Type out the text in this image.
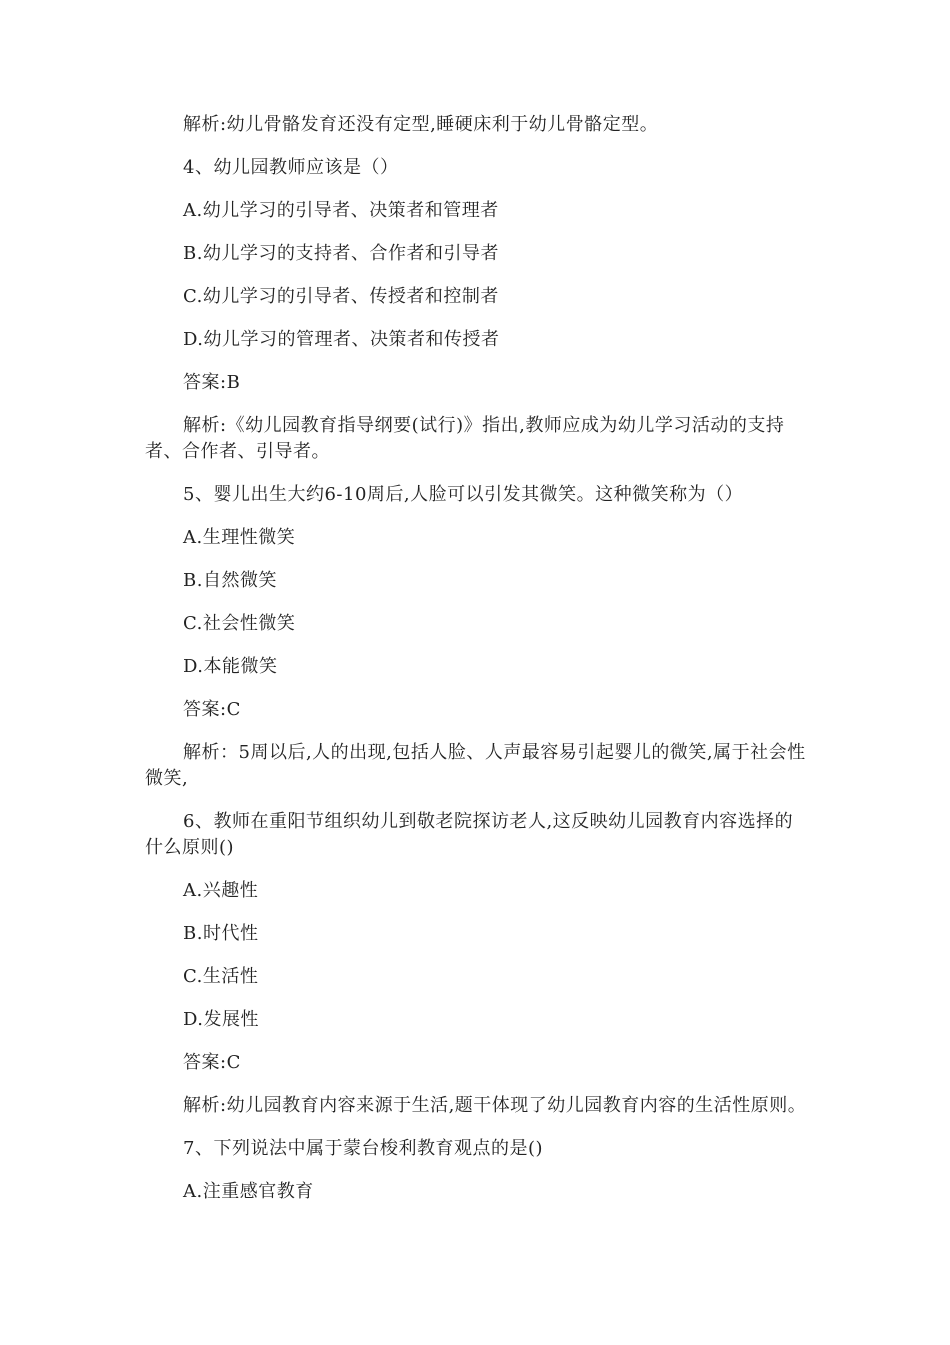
解析:幼儿骨骼发育还没有定型,睡硬床利于幼儿骨骼定型。

4、幼儿园教师应该是（）

A.幼儿学习的引导者、决策者和管理者

B.幼儿学习的支持者、合作者和引导者

C.幼儿学习的引导者、传授者和控制者

D.幼儿学习的管理者、决策者和传授者

答案:B

解析:《幼儿园教育指导纲要(试行)》指出,教师应成为幼儿学习活动的支持者、合作者、引导者。

5、婴儿出生大约6-10周后,人脸可以引发其微笑。这种微笑称为（）

A.生理性微笑

B.自然微笑

C.社会性微笑

D.本能微笑

答案:C

解析：5周以后,人的出现,包括人脸、人声最容易引起婴儿的微笑,属于社会性微笑,

6、教师在重阳节组织幼儿到敬老院探访老人,这反映幼儿园教育内容选择的什么原则()

A.兴趣性

B.时代性

C.生活性

D.发展性

答案:C

解析:幼儿园教育内容来源于生活,题干体现了幼儿园教育内容的生活性原则。

7、下列说法中属于蒙台梭利教育观点的是()

A.注重感官教育
